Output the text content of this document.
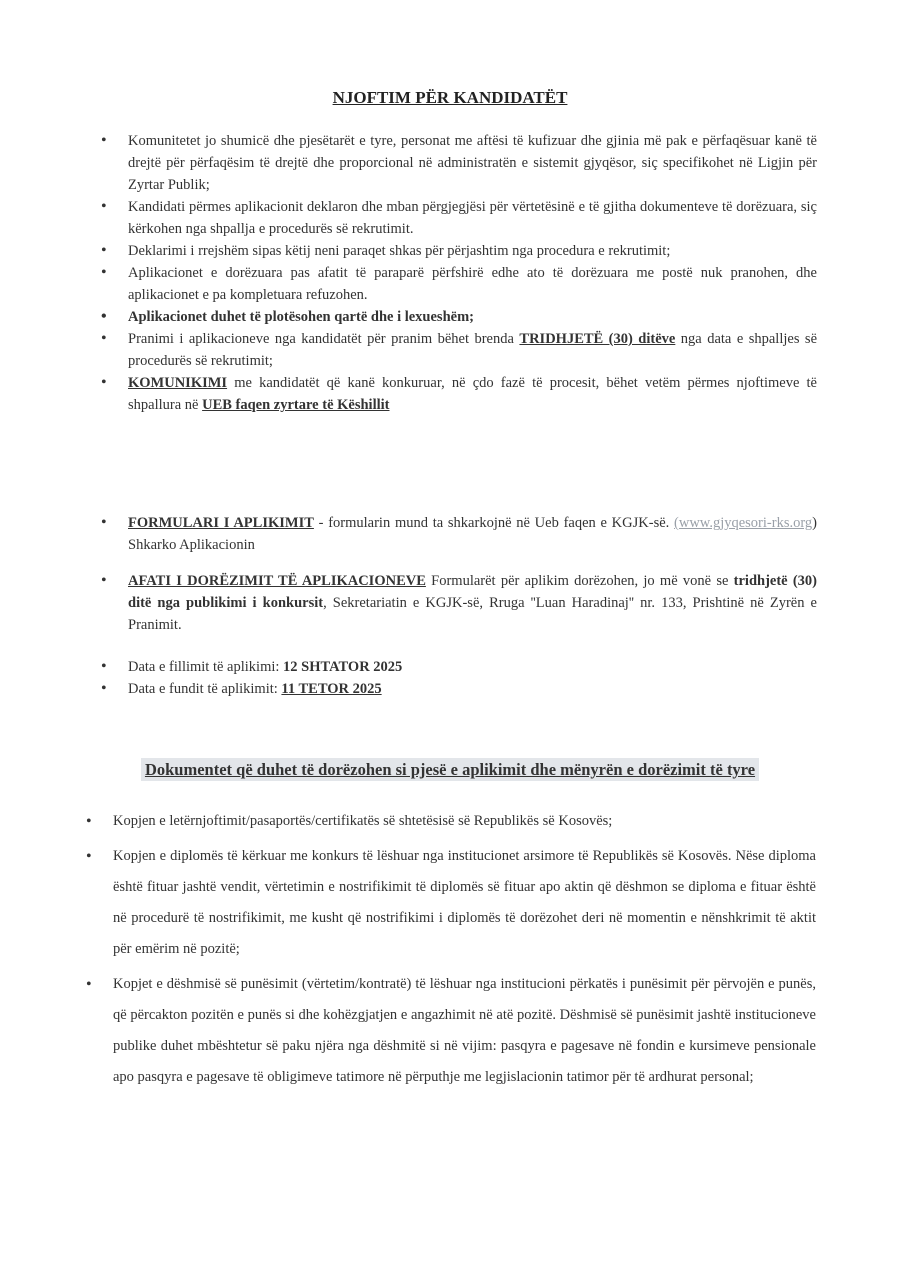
NJOFTIM PËR KANDIDATËT
• Komunitetet jo shumicë dhe pjesëtarët e tyre, personat me aftësi të kufizuar dhe gjinia më pak e përfaqësuar kanë të drejtë për përfaqësim të drejtë dhe proporcional në administratën e sistemit gjyqësor, siç specifikohet në Ligjin për Zyrtar Publik;
• Kandidati përmes aplikacionit deklaron dhe mban përgjegjësi për vërtetësinë e të gjitha dokumenteve të dorëzuara, siç kërkohen nga shpallja e procedurës së rekrutimit.
• Deklarimi i rrejshëm sipas këtij neni paraqet shkas për përjashtim nga procedura e rekrutimit;
• Aplikacionet e dorëzuara pas afatit të paraparë përfshirë edhe ato të dorëzuara me postë nuk pranohen, dhe aplikacionet e pa kompletuara refuzohen.
• Aplikacionet duhet të plotësohen qartë dhe i lexueshëm;
• Pranimi i aplikacioneve nga kandidatët për pranim bëhet brenda TRIDHJETË (30) ditëve nga data e shpalljes së procedurës së rekrutimit;
• KOMUNIKIMI me kandidatët që kanë konkuruar, në çdo fazë të procesit, bëhet vetëm përmes njoftimeve të shpallura në UEB faqen zyrtare të Këshillit
• FORMULARI I APLIKIMIT - formularin mund ta shkarkojnë në Ueb faqen e KGJK-së. (www.gjyqesori-rks.org) Shkarko Aplikacionin
• AFATI I DORËZIMIT TË APLIKACIONEVE Formularët për aplikim dorëzohen, jo më vonë se tridhjetë (30) ditë nga publikimi i konkursit, Sekretariatin e KGJK-së, Rruga ''Luan Haradinaj'' nr. 133, Prishtinë në Zyrën e Pranimit.
• Data e fillimit të aplikimi: 12 SHTATOR 2025
• Data e fundit të aplikimit: 11 TETOR 2025
Dokumentet që duhet të dorëzohen si pjesë e aplikimit dhe mënyrën e dorëzimit të tyre
• Kopjen e letërnjoftimit/pasaportës/certifikatës së shtetësisë së Republikës së Kosovës;
• Kopjen e diplomës të kërkuar me konkurs të lëshuar nga institucionet arsimore të Republikës së Kosovës. Nëse diploma është fituar jashtë vendit, vërtetimin e nostrifikimit të diplomës së fituar apo aktin që dëshmon se diploma e fituar është në procedurë të nostrifikimit, me kusht që nostrifikimi i diplomës të dorëzohet deri në momentin e nënshkrimit të aktit për emërim në pozitë;
• Kopjet e dëshmisë së punësimit (vërtetim/kontratë) të lëshuar nga institucioni përkatës i punësimit për përvojën e punës, që përcakton pozitën e punës si dhe kohëzgjatjen e angazhimit në atë pozitë. Dëshmisë së punësimit jashtë institucioneve publike duhet mbështetur së paku njëra nga dëshmitë si në vijim: pasqyra e pagesave në fondin e kursimeve pensionale apo pasqyra e pagesave të obligimeve tatimore në përputhje me legjislacionin tatimor për të ardhurat personal;
